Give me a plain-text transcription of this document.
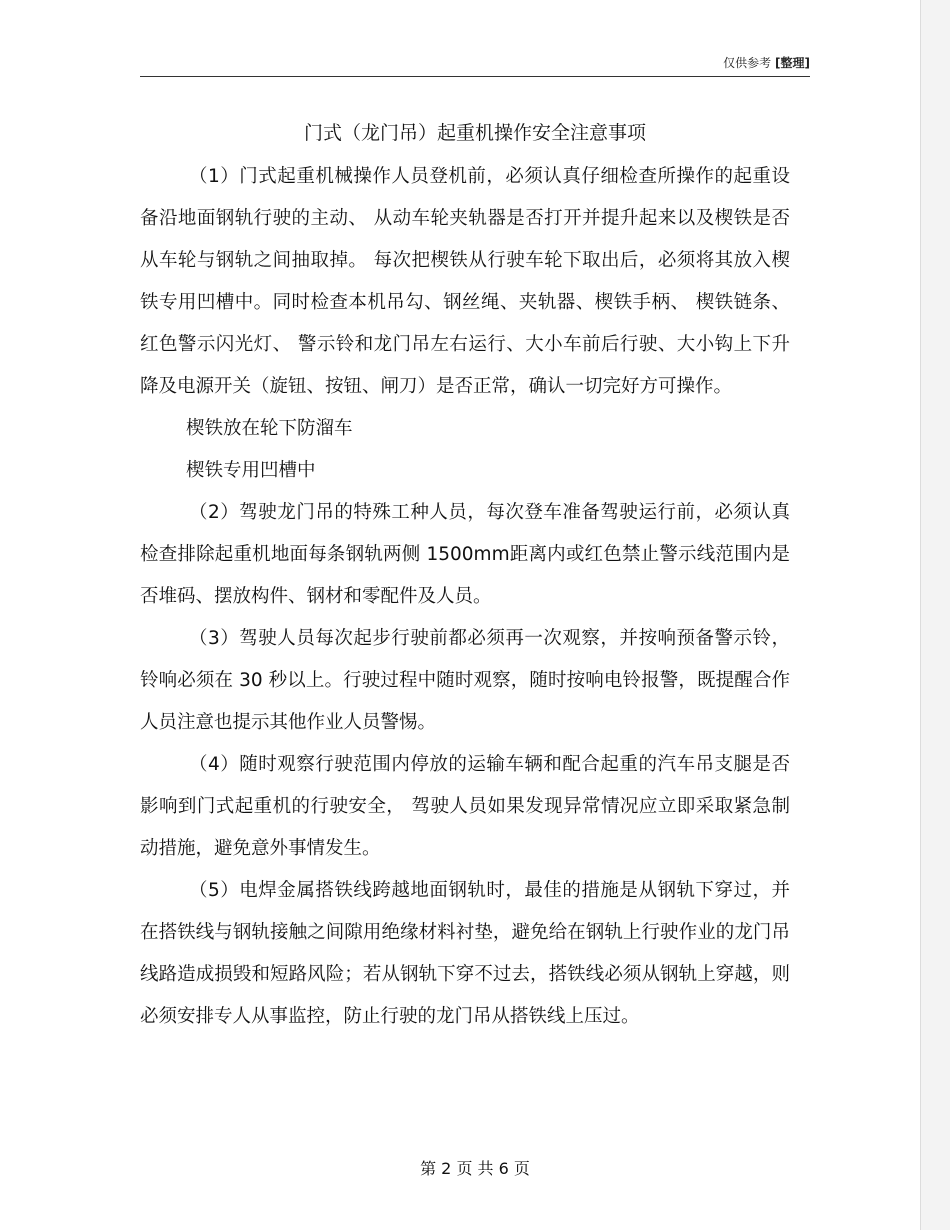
仅供参考 [整理]
门式（龙门吊）起重机操作安全注意事项

（1）门式起重机械操作人员登机前，必须认真仔细检查所操作的起重设备沿地面钢轨行驶的主动、 从动车轮夹轨器是否打开并提升起来以及楔铁是否从车轮与钢轨之间抽取掉。 每次把楔铁从行驶车轮下取出后，必须将其放入楔铁专用凹槽中。同时检查本机吊勾、钢丝绳、夹轨器、楔铁手柄、 楔铁链条、 红色警示闪光灯、 警示铃和龙门吊左右运行、大小车前后行驶、大小钩上下升降及电源开关（旋钮、按钮、闸刀）是否正常，确认一切完好方可操作。

楔铁放在轮下防溜车

楔铁专用凹槽中

（2）驾驶龙门吊的特殊工种人员，每次登车准备驾驶运行前，必须认真检查排除起重机地面每条钢轨两侧 1500mm距离内或红色禁止警示线范围内是否堆码、摆放构件、钢材和零配件及人员。

（3）驾驶人员每次起步行驶前都必须再一次观察，并按响预备警示铃，铃响必须在 30 秒以上。行驶过程中随时观察，随时按响电铃报警，既提醒合作人员注意也提示其他作业人员警惕。

（4）随时观察行驶范围内停放的运输车辆和配合起重的汽车吊支腿是否影响到门式起重机的行驶安全， 驾驶人员如果发现异常情况应立即采取紧急制动措施，避免意外事情发生。

（5）电焊金属搭铁线跨越地面钢轨时，最佳的措施是从钢轨下穿过，并在搭铁线与钢轨接触之间隙用绝缘材料衬垫，避免给在钢轨上行驶作业的龙门吊线路造成损毁和短路风险；若从钢轨下穿不过去，搭铁线必须从钢轨上穿越，则必须安排专人从事监控，防止行驶的龙门吊从搭铁线上压过。

第 2 页 共 6 页
